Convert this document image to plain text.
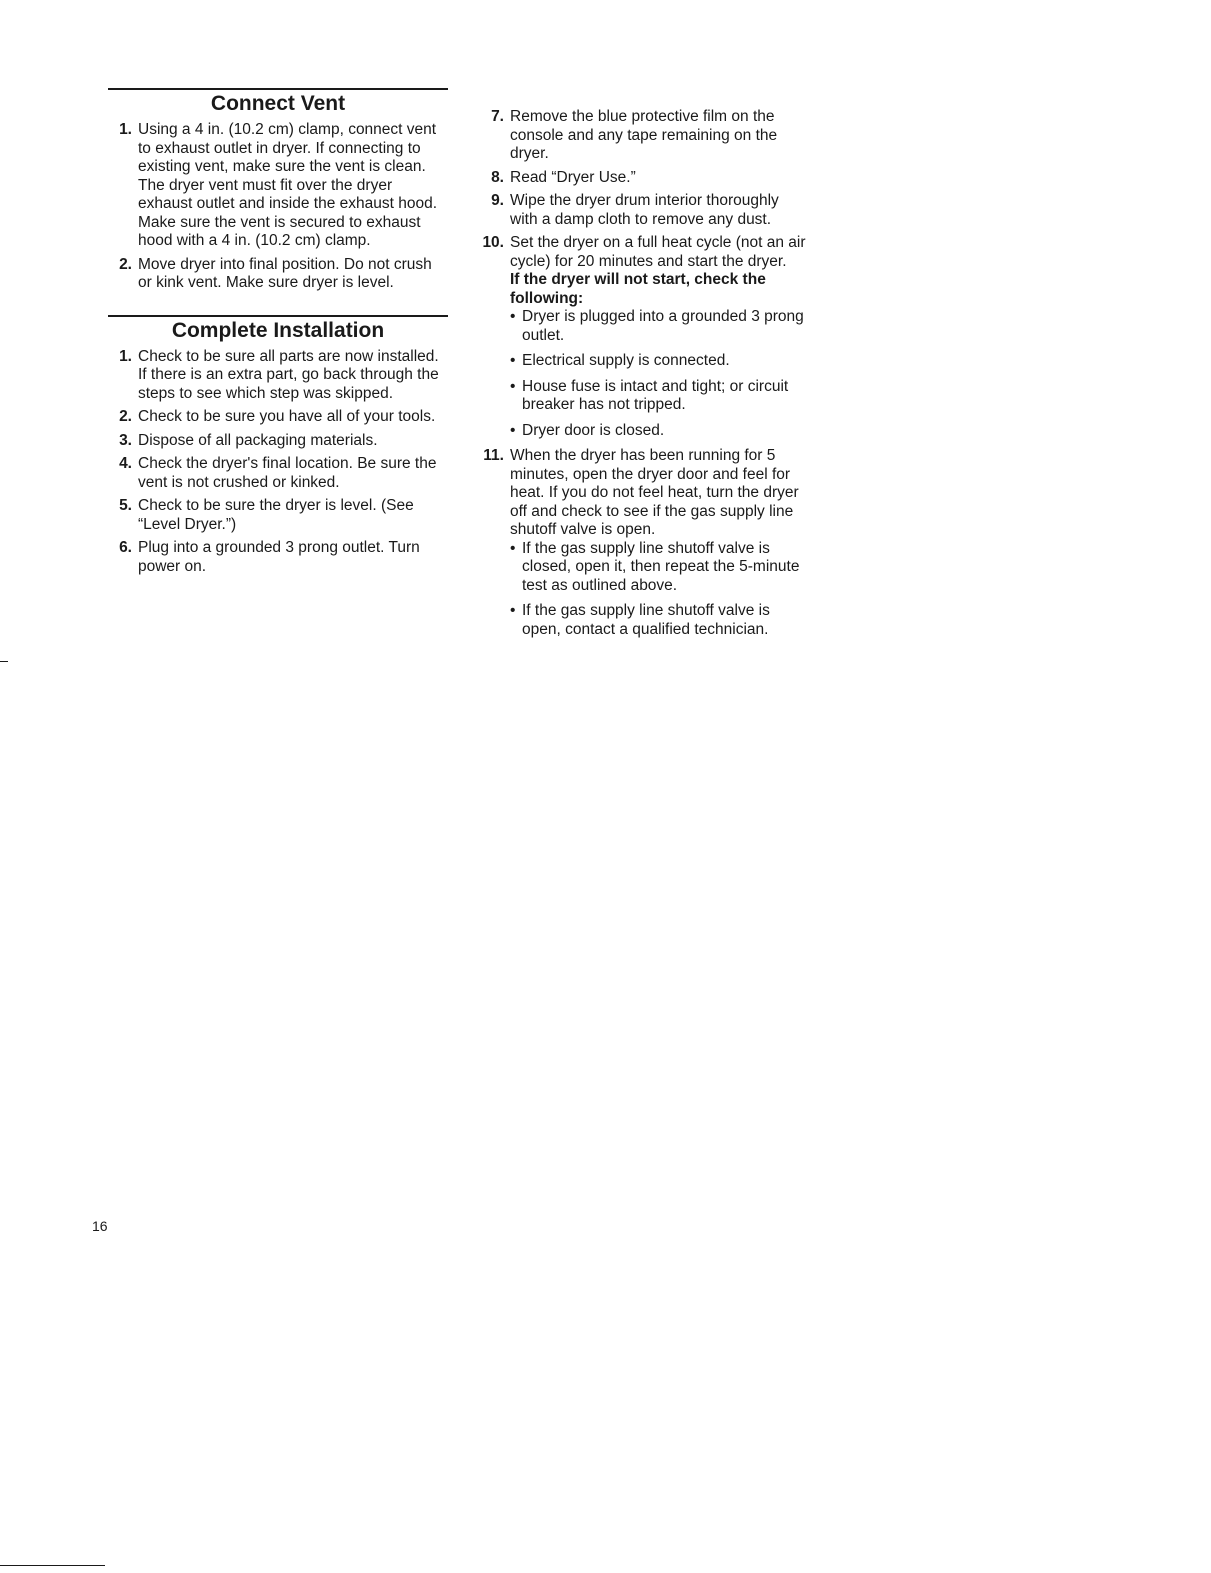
Connect Vent
1. Using a 4 in. (10.2 cm) clamp, connect vent to exhaust outlet in dryer. If connecting to existing vent, make sure the vent is clean. The dryer vent must fit over the dryer exhaust outlet and inside the exhaust hood. Make sure the vent is secured to exhaust hood with a 4 in. (10.2 cm) clamp.
2. Move dryer into final position. Do not crush or kink vent. Make sure dryer is level.
Complete Installation
1. Check to be sure all parts are now installed. If there is an extra part, go back through the steps to see which step was skipped.
2. Check to be sure you have all of your tools.
3. Dispose of all packaging materials.
4. Check the dryer's final location. Be sure the vent is not crushed or kinked.
5. Check to be sure the dryer is level. (See “Level Dryer.”)
6. Plug into a grounded 3 prong outlet. Turn power on.
7. Remove the blue protective film on the console and any tape remaining on the dryer.
8. Read “Dryer Use.”
9. Wipe the dryer drum interior thoroughly with a damp cloth to remove any dust.
10. Set the dryer on a full heat cycle (not an air cycle) for 20 minutes and start the dryer.
If the dryer will not start, check the following:
• Dryer is plugged into a grounded 3 prong outlet.
• Electrical supply is connected.
• House fuse is intact and tight; or circuit breaker has not tripped.
• Dryer door is closed.
11. When the dryer has been running for 5 minutes, open the dryer door and feel for heat. If you do not feel heat, turn the dryer off and check to see if the gas supply line shutoff valve is open.
• If the gas supply line shutoff valve is closed, open it, then repeat the 5-minute test as outlined above.
• If the gas supply line shutoff valve is open, contact a qualified technician.
16
